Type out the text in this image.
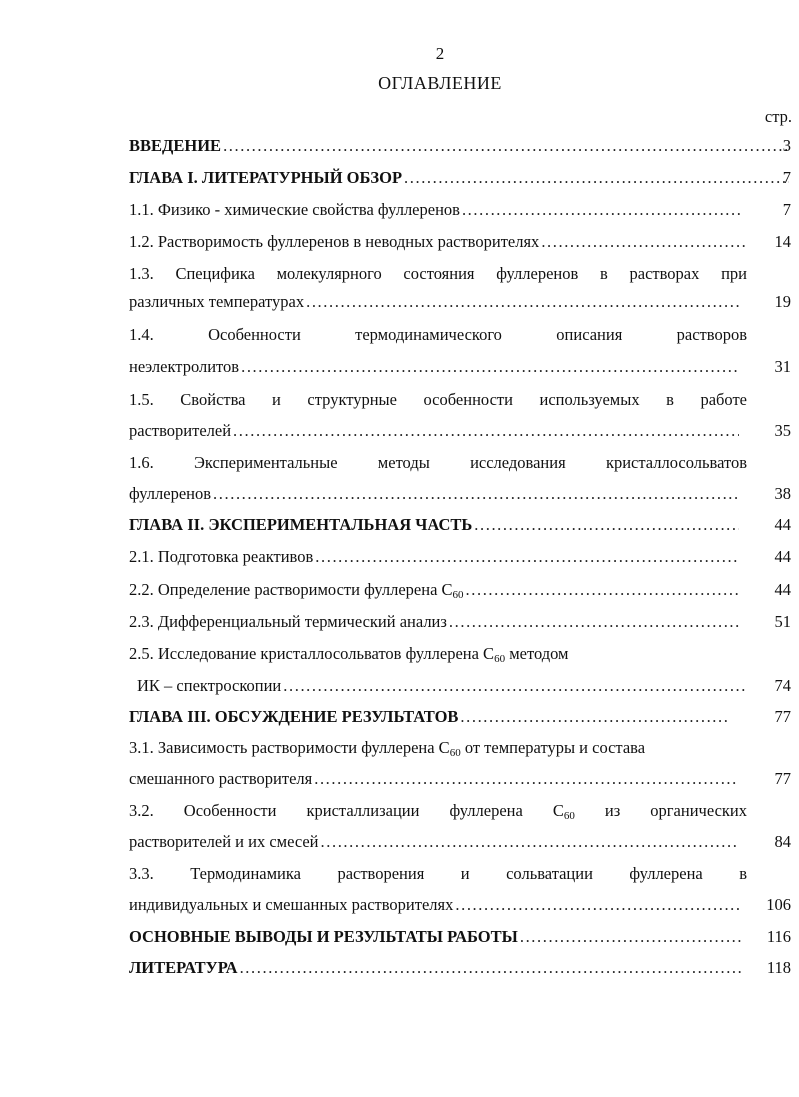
2
ОГЛАВЛЕНИЕ
стр.
ВВЕДЕНИЕ .....	3
ГЛАВА I. ЛИТЕРАТУРНЫЙ ОБЗОР .....	7
1.1. Физико - химические свойства фуллеренов .....	7
1.2. Растворимость фуллеренов в неводных растворителях .....	14
1.3. Специфика молекулярного состояния фуллеренов в растворах при
различных температурах .....	19
1.4. Особенности термодинамического описания растворов
неэлектролитов .....	31
1.5. Свойства и структурные особенности используемых в работе
растворителей .....	35
1.6. Экспериментальные методы исследования кристаллосольватов
фуллеренов .....	38
ГЛАВА II. ЭКСПЕРИМЕНТАЛЬНАЯ ЧАСТЬ .....	44
2.1. Подготовка реактивов .....	44
2.2. Определение растворимости фуллерена $C_{60}$ .....	44
2.3. Дифференциальный термический анализ .....	51
2.5. Исследование кристаллосольватов фуллерена $C_{60}$ методом
ИК – спектроскопии .....	74
ГЛАВА III. ОБСУЖДЕНИЕ РЕЗУЛЬТАТОВ .....	77
3.1. Зависимость растворимости фуллерена $C_{60}$ от температуры и состава
смешанного растворителя .....	77
3.2. Особенности кристаллизации фуллерена $C_{60}$ из органических
растворителей и их смесей .....	84
3.3. Термодинамика растворения и сольватации фуллерена в
индивидуальных и смешанных растворителях .....	106
ОСНОВНЫЕ ВЫВОДЫ И РЕЗУЛЬТАТЫ РАБОТЫ .....	116
ЛИТЕРАТУРА .....	118
